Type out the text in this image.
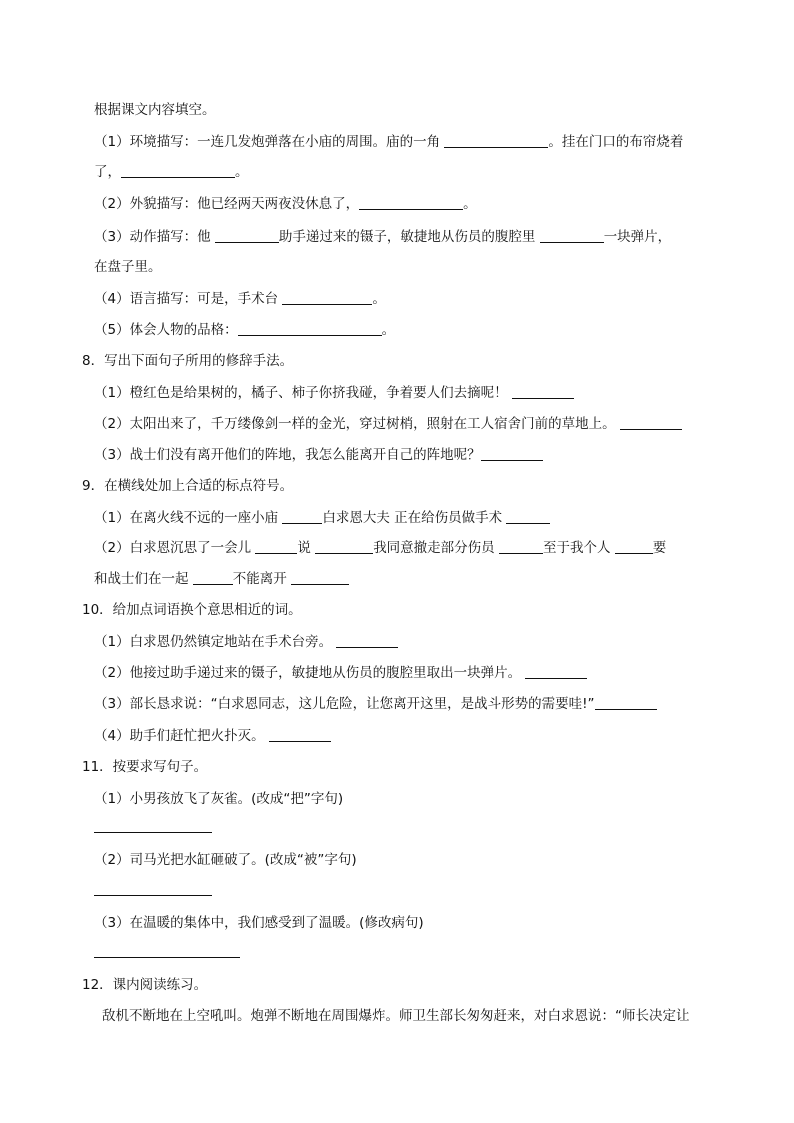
根据课文内容填空。
（1）环境描写：一连几发炮弹落在小庙的周围。庙的一角	。挂在门口的布帘烧着
了，	。
（2）外貌描写：他已经两天两夜没休息了，	。
（3）动作描写：他	助手递过来的镊子，敏捷地从伤员的腹腔里	一块弹片，
在盘子里。
（4）语言描写：可是，手术台	。
（5）体会人物的品格：	。
8．写出下面句子所用的修辞手法。
（1）橙红色是给果树的，橘子、柿子你挤我碰，争着要人们去摘呢！
（2）太阳出来了，千万缕像剑一样的金光，穿过树梢，照射在工人宿舍门前的草地上。
（3）战士们没有离开他们的阵地，我怎么能离开自己的阵地呢？
9．在横线处加上合适的标点符号。
（1）在离火线不远的一座小庙	白求恩大夫 正在给伤员做手术
（2）白求恩沉思了一会儿	说	我同意撤走部分伤员	至于我个人	要
和战士们在一起	不能离开
10．给加点词语换个意思相近的词。
（1）白求恩仍然镇定地站在手术台旁。
（2）他接过助手递过来的镊子，敏捷地从伤员的腹腔里取出一块弹片。
（3）部长恳求说：“白求恩同志，这儿危险，让您离开这里，是战斗形势的需要哇!”
（4）助手们赶忙把火扑灭。
11．按要求写句子。
（1）小男孩放飞了灰雀。(改成“把”字句)
（2）司马光把水缸砸破了。(改成“被”字句)
（3）在温暖的集体中，我们感受到了温暖。(修改病句)
12．课内阅读练习。
敌机不断地在上空吼叫。炮弹不断地在周围爆炸。师卫生部长匆匆赶来，对白求恩说：“师长决定让
